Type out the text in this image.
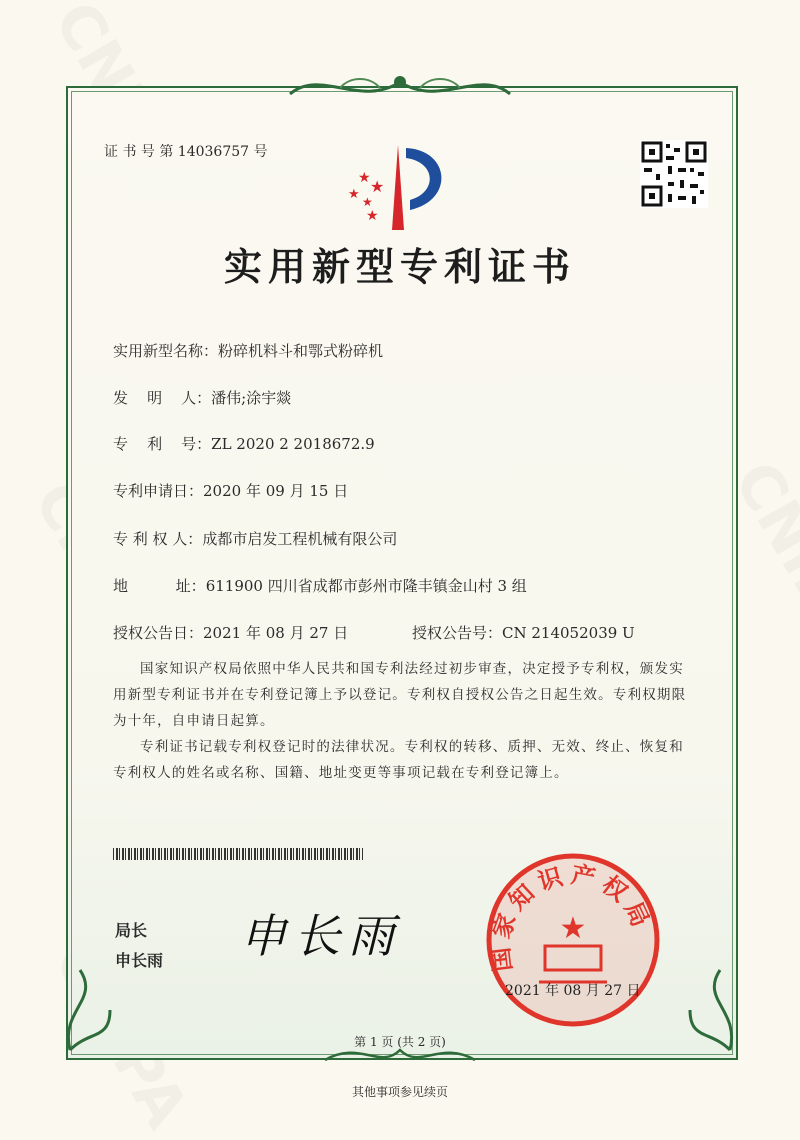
证 书 号 第 14036757 号
★
★ ★
★
★
实用新型专利证书
实用新型名称：粉碎机料斗和鄂式粉碎机
发    明    人：潘伟;涂宇燚
专    利    号：ZL 2020 2 2018672.9
专利申请日：2020 年 09 月 15 日
专 利 权 人：成都市启发工程机械有限公司
地          址：611900 四川省成都市彭州市隆丰镇金山村 3 组
授权公告日：2021 年 08 月 27 日	授权公告号：CN 214052039 U
国家知识产权局依照中华人民共和国专利法经过初步审查，决定授予专利权，颁发实用新型专利证书并在专利登记簿上予以登记。专利权自授权公告之日起生效。专利权期限为十年，自申请日起算。
专利证书记载专利权登记时的法律状况。专利权的转移、质押、无效、终止、恢复和专利权人的姓名或名称、国籍、地址变更等事项记载在专利登记簿上。
局长
申长雨 申长雨	国家知识产权局
★
2021 年 08 月 27 日
第 1 页 (共 2 页)
其他事项参见续页
